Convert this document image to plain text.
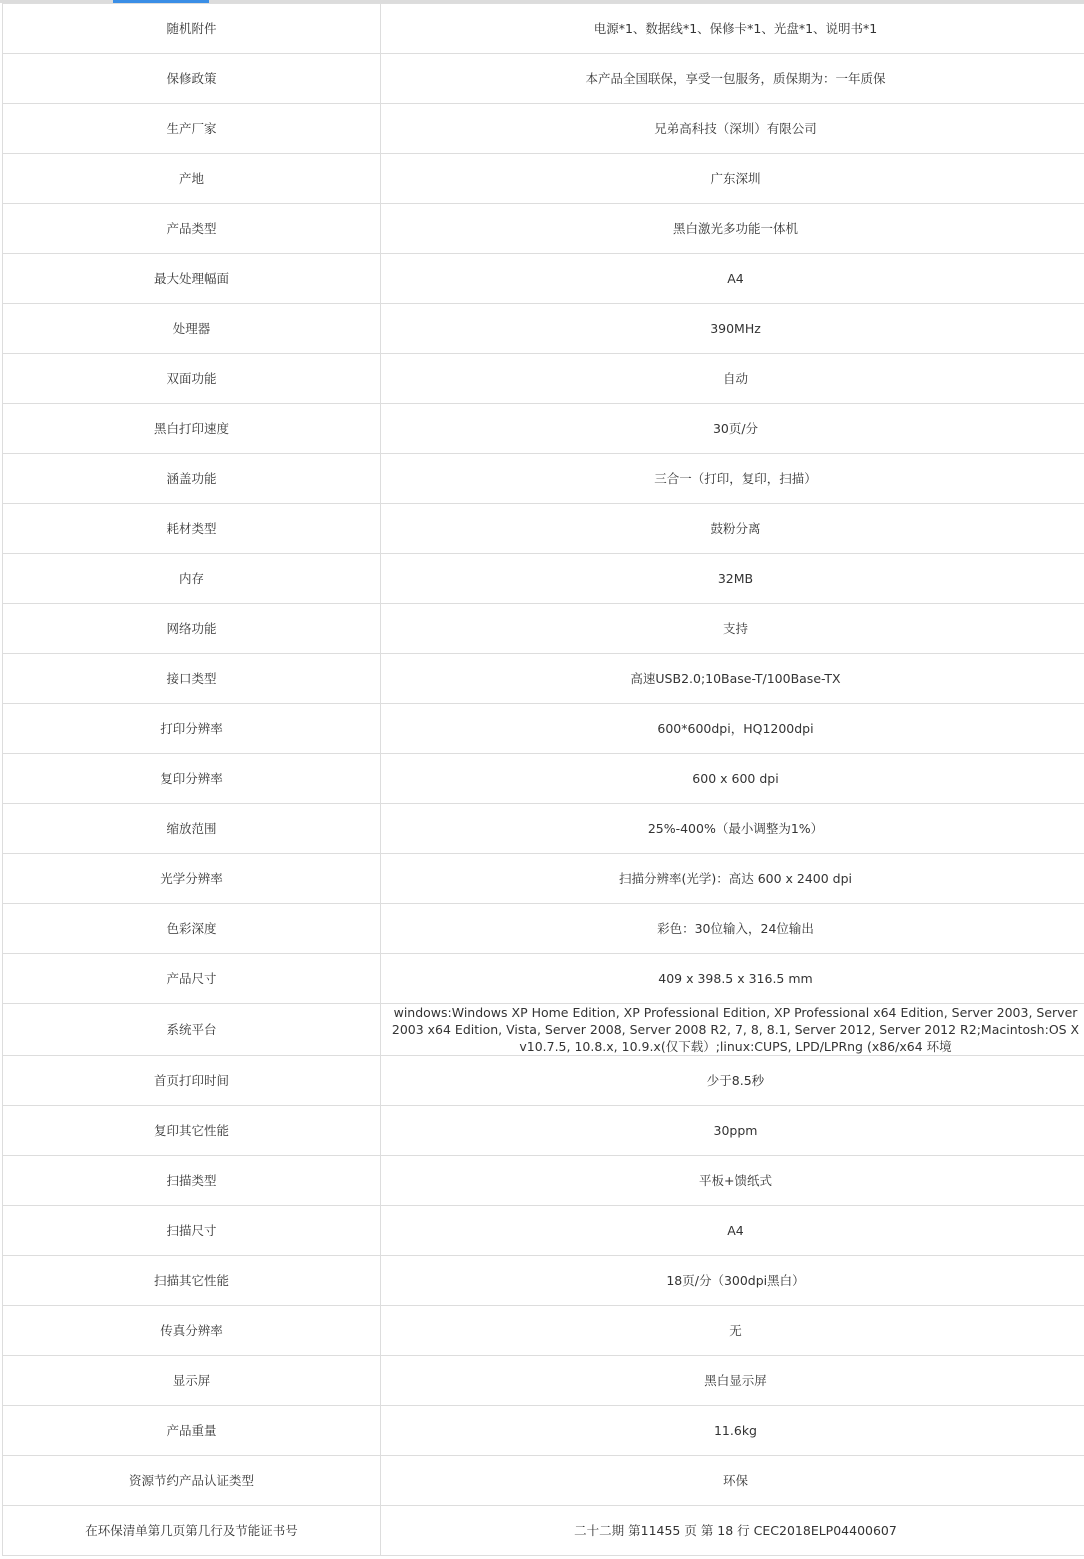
随机附件	电源*1、数据线*1、保修卡*1、光盘*1、说明书*1
保修政策	本产品全国联保，享受一包服务，质保期为：一年质保
生产厂家	兄弟高科技（深圳）有限公司
产地	广东深圳
产品类型	黑白激光多功能一体机
最大处理幅面	A4
处理器	390MHz
双面功能	自动
黑白打印速度	30页/分
涵盖功能	三合一（打印，复印，扫描）
耗材类型	鼓粉分离
内存	32MB
网络功能	支持
接口类型	高速USB2.0;10Base-T/100Base-TX
打印分辨率	600*600dpi，HQ1200dpi
复印分辨率	600 x 600 dpi
缩放范围	25%-400%（最小调整为1%）
光学分辨率	扫描分辨率(光学)：高达 600 x 2400 dpi
色彩深度	彩色：30位输入，24位输出
产品尺寸	409 x 398.5 x 316.5 mm
系统平台	windows:Windows XP Home Edition, XP Professional Edition, XP Professional x64 Edition, Server 2003, Server 2003 x64 Edition, Vista, Server 2008, Server 2008 R2, 7, 8, 8.1, Server 2012, Server 2012 R2;Macintosh:OS X v10.7.5, 10.8.x, 10.9.x(仅下载）;linux:CUPS, LPD/LPRng (x86/x64 环境
首页打印时间	少于8.5秒
复印其它性能	30ppm
扫描类型	平板+馈纸式
扫描尺寸	A4
扫描其它性能	18页/分（300dpi黑白）
传真分辨率	无
显示屏	黑白显示屏
产品重量	11.6kg
资源节约产品认证类型	环保
在环保清单第几页第几行及节能证书号	二十二期 第11455 页 第 18 行 CEC2018ELP04400607
